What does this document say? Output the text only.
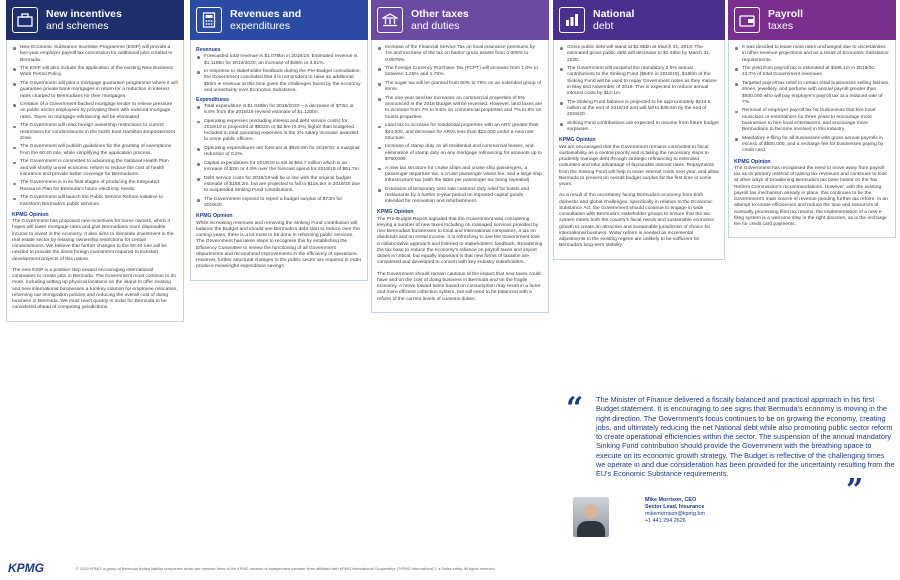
New incentives
and schemes
New Economic Substance Incentive Programme (ESIP) will provide a two-year employer payroll tax concession for additional jobs created in Bermuda.
The ESIP will also include the application of the existing New Business Work Permit Policy.
The Government will pilot a mortgage guarantee programme where it will guarantee private bank mortgages in return for a reduction in interest rates charged to Bermudians for their mortgages.
Creation of a Government-backed mortgage lender to relieve pressure on public sector employees by providing them with reduced mortgage rates. Taxes on mortgage refinancing will be eliminated.
The Government will relax foreign ownership restrictions to current restrictions for condominiums in the North East Hamilton Empowerment Zone.
The Government will publish guidelines for the granting of exemptions from the 60:40 rule, while simplifying the application process.
The Government is committed to advancing the National Health Plan and will shortly unveil economic reform to reduce the cost of health insurance and provide better coverage for Bermudians.
The Government is in its final stages of producing the Integrated Resource Plan for Bermuda's future electricity needs.
The Government will launch the Public Service Reform initiative to transform Bermuda's public services.
KPMG Opinion

The Government has proposed new incentives for home owners, which it hopes will lower mortgage rates and give Bermudians more disposable income to invest in the economy. It also aims to stimulate investment in the real estate sector by relaxing ownership restrictions for certain condominiums. We believe that further changes to the 60:40 rule will be needed to provide the direct foreign investment required to kickstart development projects of this nature.

The new ESIP is a positive step toward encouraging international companies to create jobs in Bermuda. The Government must continue to do more, including setting up physical locations on the island to offer existing and new international businesses a turnkey solution for employee relocation, reforming our immigration policies and reducing the overall cost of doing business in Bermuda. We must react quickly in order for Bermuda to be considered ahead of competing jurisdictions.

Revenues and
expenditures
Revenues
Forecasted total revenue is $1.079bn in 2018/19. Estimated revenue is $1.118bn for 2019/2020; an increase of $39m or 3.61%.
In response to stakeholder feedback during the Pre-Budget consultation, the Government concluded that it is not prudent to raise an additional $50m in revenue at this time given the challenges faced by the economy and uncertainty over Economic Substance.
Expenditures
Total expenditure is $1.049bn for 2019/2020 – a decrease of $73m or 6.6% from the 2018/19 revised estimate of $1.120bn.
Operating expenses (excluding interest and debt service costs) for 2019/19 is projected at $922m or $2.8m (0.3%) higher than budgeted. Included in total operating expenses is the 2% salary increase awarded to some public officers.
Operating expenditures are forecast at $929.9m for 2019/20; a marginal reduction of 0.2%.
Capital expenditures for 2019/20 is set at $64.7 million which is an increase of $3m or 4.9% over the forecast spend for 2018/19 of $61.7m.
Debt service costs for 2018/19 will be in line with the original budget estimate of $188.2m, but are projected to fall to $116.5m in 2019/20 due to suspended Sinking Fund contributions.
The Government expects to report a budget surplus of $73m for 2019/20.
KPMG Opinion

While increasing revenues and removing the Sinking Fund contribution will balance the Budget and should see Bermuda's debt start to reduce over the coming years, there is a lot more to be done in reforming public services. The Government has taken steps to recognise this by establishing the Efficiency Committee to review the functioning of all Government departments and recommend improvements in the efficiency of operations. However, further structural changes to the public sector are required in order produce meaningful expenditure savings.

Other taxes
and duties
Increase of the Financial Service Tax on local insurance premiums by 1% and increase of the tax on banks' gross assets from 0.005% to 0.0075%.
The Foreign Currency Purchase Tax (FCPT) will increase from 1.0% to between 1.25% and 1.75%.
The sugar tax will be granted from 50% to 75% on an extended group of items.
The one-year land tax increases on commercial properties of 5% announced in the 2018 Budget will be reversed. However, land taxes are to increase from 7% to 9.5% on commercial properties and 7% to 8% on tourist properties.
Land tax to increase for residential properties with an ARV greater than $44,000, and decrease for ARVs less than $22,000 under a new rate structure.
Increase of stamp duty on all residential and commercial leases, and elimination of stamp duty on any mortgage refinancing for amounts up to $750,000.
A new tax structure for cruise ships and cruise ship passengers; a passenger departure tax, a cruise passenger visitor fee, and a large ship infrastructure tax (with the latter per passenger tax being repealed).
Extension of temporary zero rate customs duty relief for hotels and restaurants by a further 5-year period on imported capital goods intended for renovation and refurbishment.
KPMG Opinion

The Pre-Budget Report signaled that the Government was considering levying a number of new taxes including on managed services provided by non-Bermudian businesses to local and international companies, a tax on dividends and on rental income. It is refreshing to see the Government took a collaborative approach and listened to stakeholders' feedback. Broadening the tax base to reduce the economy's reliance on payroll taxes and import duties is critical, but equally important is that new forms of taxation are considered and developed in concert with key industry stakeholders.

The Government should remain cautious of the impact that new taxes could have and on the cost of doing business in Bermuda and on the fragile economy. A move toward taxes based on consumption may result in a fairer and more efficient collection system, but will need to be balanced with a reform of the current levels of customs duties.

National
debt
Gross public debt will stand at $2.68bn at March 31, 2019. The estimated gross public debt will decrease to $2.49bn by March 31, 2020.
The Government will suspend the mandatory 2.5% annual contributions to the Sinking Fund ($64m in 2018/19). $180m of the Sinking Fund will be used to repay Government notes as they mature in May and November of 2019. This is expected to reduce annual interest costs by $12.1m.
The Sinking Fund balance is projected to be approximately $214.6 million at the end of 2018/19 and will fall to $35.6m by the end of 2019/20.
Sinking Fund contributions are expected to resume from future budget surpluses.
KPMG Opinion

We are encouraged that the Government remains committed to fiscal sustainability as a central priority and is taking the necessary steps to prudently manage debt through strategic refinancing to extended maturities and take advantage of favourable interest rates. Repayments from the Sinking Fund will help to lower interest costs next year, and allow Bermuda to present an overall budget surplus for the first time in some years.

As a result of the uncertainty facing Bermuda's economy from both domestic and global challenges, specifically in relation to the Economic Substance Act, the Government should continue to engage in wide consultation with Bermuda's stakeholder groups to ensure that the tax system meets both the country's fiscal needs and sustainable economic growth to create an attractive and sustainable jurisdiction of choice for international business. Wider reform is needed as incremental adjustments to the existing regime are unlikely to be sufficient for Bermuda's long-term stability.

Payroll
taxes
It was decided to leave most rates unchanged due to uncertainties in other revenue projections and as a result of Economic Substance requirements.
The yield from payroll tax is estimated at $486.1m in 2019/20, 41.7% of total Government revenues.
Targeted payroll tax relief to certain retail businesses selling fashion, shoes, jewellery, and perfume with annual payroll greater than $500,000 who will pay employer's payroll tax at a reduced rate of 7%.
Removal of employer payroll tax for businesses that hire local musicians or entertainers for three years to encourage more businesses to hire local entertainers, and encourage more Bermudians to become involved in this industry.
Mandatory e-filing for all businesses with gross annual payrolls in excess of $500,000, and a recharge fee for businesses paying by credit card.
KPMG Opinion

The Government has recognised the need to move away from payroll tax as its primary method of raising tax revenues and continues to look at other ways of broadening Bermuda's tax base based on the Tax Reform Commission's recommendations. However, with the existing payroll tax mechanism already in place, this continues to be the Government's main source of revenue pending further tax reform. In an attempt to create efficiencies and reduce the time and resources of manually processing filed tax returns, the implementation of a new e-filing system is a welcome step in the right direction, as is the recharge fee for credit card payments.

“	The Minister of Finance delivered a fiscally balanced and practical approach in his first Budget statement. It is encouraging to see signs that Bermuda's economy is moving in the right direction. The Government's focus continues to be on growing the economy, creating jobs, and ultimately reducing the net National debt while also promoting public sector reform to create operational efficiencies within the sector. The suspension of the annual mandatory Sinking Fund contribution should provide the Government with the breathing space to execute on its economic growth strategy. The Budget is reflective of the challenging times we operate in and due consideration has been provided for the uncertainty resulting from the EU's Economic Substance requirements.	”
Mike Morrison, CEO
Sector Lead, Insurance
mikemorrison@kpmg.bm
+1 441 294 2626
KPMG	© 2019 KPMG, a group of Bermuda limited liability companies which are member firms of the KPMG network of independent member firms affiliated with KPMG International Cooperative ("KPMG International"), a Swiss entity. All rights reserved.
